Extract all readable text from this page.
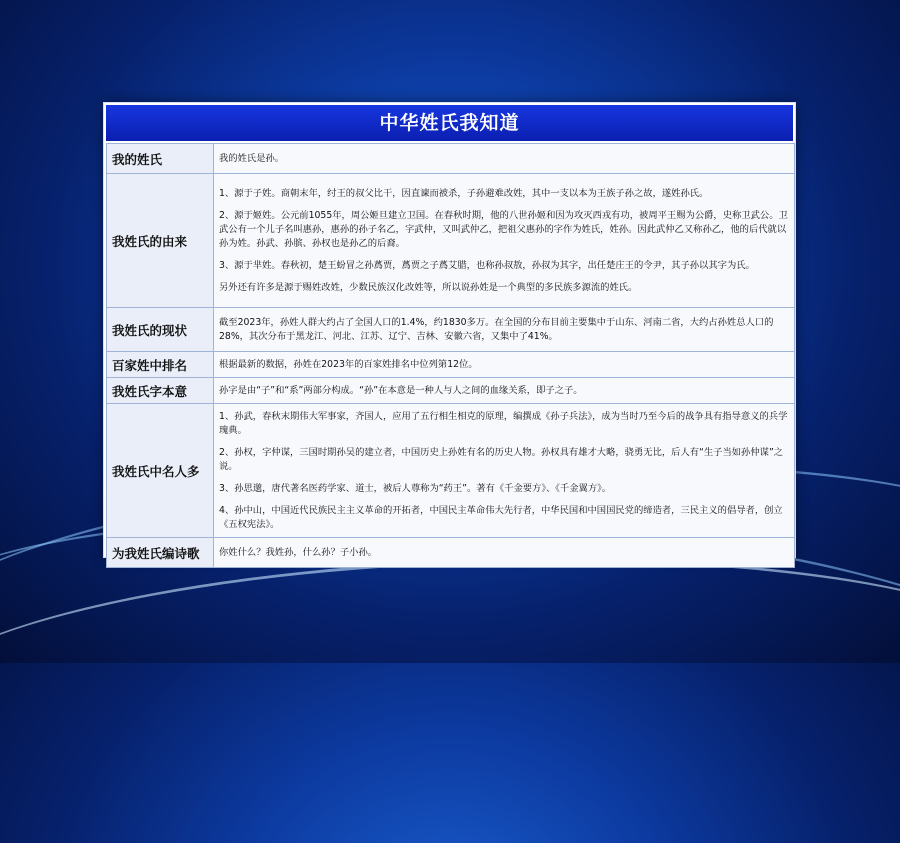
中华姓氏我知道
我的姓氏	我的姓氏是孙。

我姓氏的由来	1、源于子姓。商朝末年，纣王的叔父比干，因直谏而被杀，子孙避难改姓，其中一支以本为王族子孙之故，遂姓孙氏。
2、源于姬姓。公元前1055年，周公姬旦建立卫国。在春秋时期，他的八世孙姬和因为攻灭西戎有功，被周平王赐为公爵，史称卫武公。卫武公有一个儿子名叫惠孙，惠孙的孙子名乙，字武仲，又叫武仲乙，把祖父惠孙的字作为姓氏，姓孙。因此武仲乙又称孙乙，他的后代就以孙为姓。孙武、孙膑、孙权也是孙乙的后裔。
3、源于芈姓。春秋初，楚王蚡冒之孙蔿贾，蔿贾之子蔿艾腊，也称孙叔敖，孙叔为其字，出任楚庄王的令尹，其子孙以其字为氏。
另外还有许多是源于赐姓改姓，少数民族汉化改姓等，所以说孙姓是一个典型的多民族多源流的姓氏。

我姓氏的现状	截至2023年，孙姓人群大约占了全国人口的1.4%，约1830多万。在全国的分布目前主要集中于山东、河南二省，大约占孙姓总人口的28%，其次分布于黑龙江、河北、江苏、辽宁、吉林、安徽六省，又集中了41%。

百家姓中排名	根据最新的数据，孙姓在2023年的百家姓排名中位列第12位。

我姓氏字本意	孙字是由“子”和“系”两部分构成。“孙”在本意是一种人与人之间的血缘关系，即子之子。

我姓氏中名人多	1、孙武，春秋末期伟大军事家，齐国人，应用了五行相生相克的原理，编撰成《孙子兵法》，成为当时乃至今后的战争具有指导意义的兵学瑰典。
2、孙权，字仲谋，三国时期孙吴的建立者，中国历史上孙姓有名的历史人物。孙权具有雄才大略，骁勇无比，后人有“生子当如孙仲谋”之说。
3、孙思邈，唐代著名医药学家、道士，被后人尊称为“药王”。著有《千金要方》、《千金翼方》。
4、孙中山，中国近代民族民主主义革命的开拓者，中国民主革命伟大先行者，中华民国和中国国民党的缔造者，三民主义的倡导者，创立《五权宪法》。

为我姓氏编诗歌	你姓什么？我姓孙，什么孙？子小孙。
